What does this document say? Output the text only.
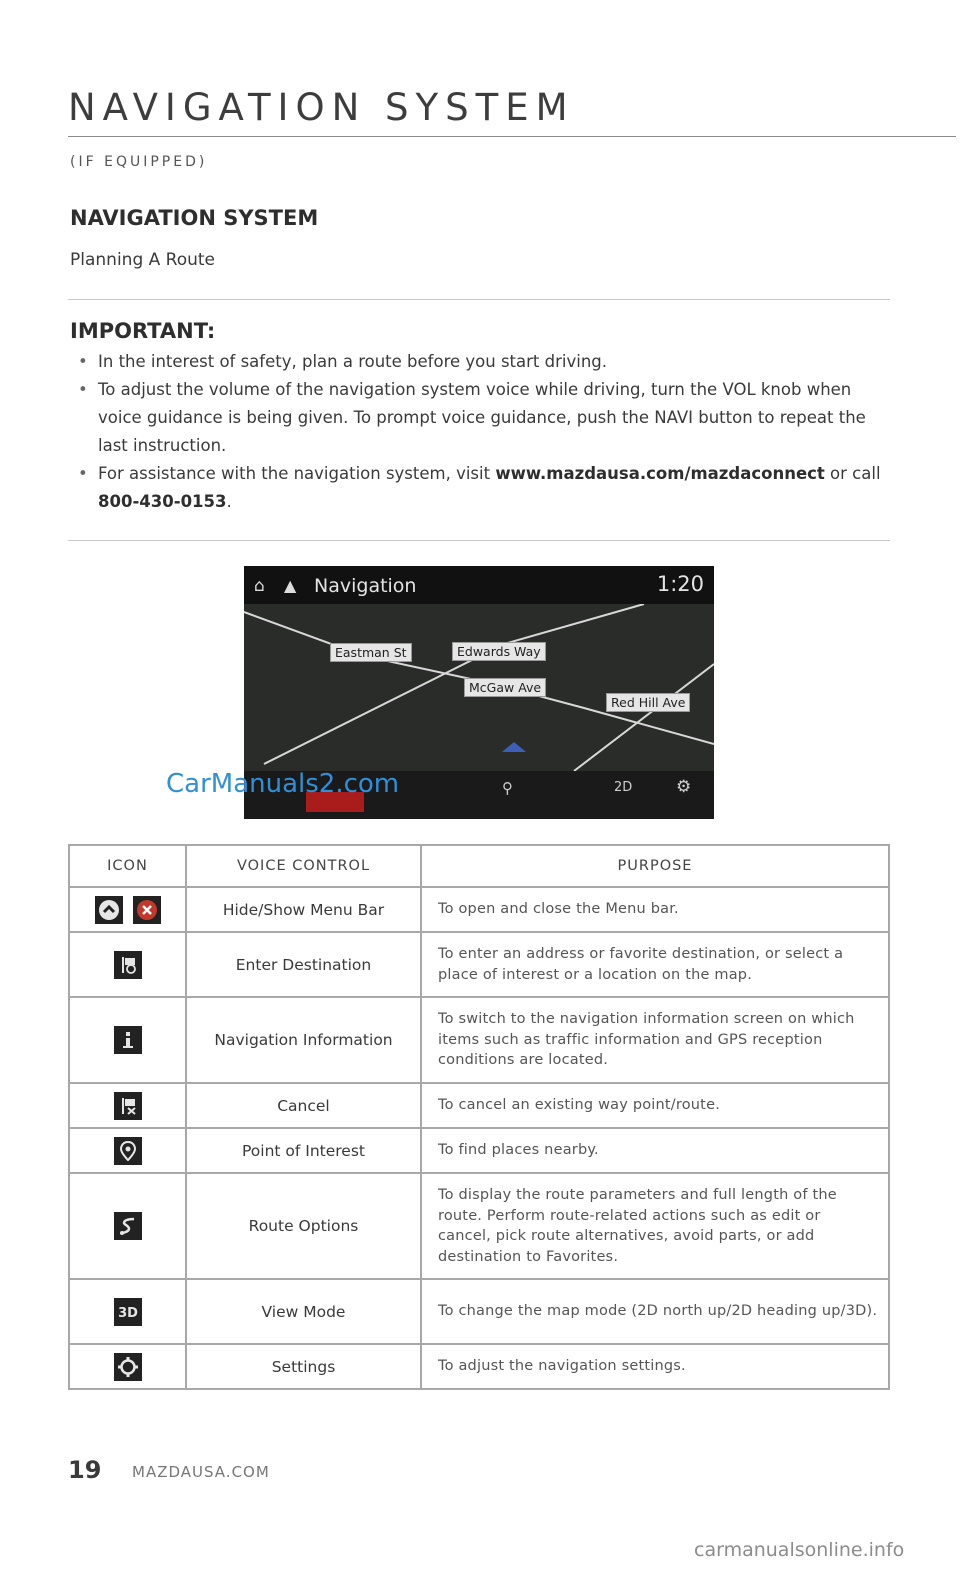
NAVIGATION SYSTEM
(IF EQUIPPED)
NAVIGATION SYSTEM
Planning A Route
IMPORTANT:
• In the interest of safety, plan a route before you start driving.
• To adjust the volume of the navigation system voice while driving, turn the VOL knob when voice guidance is being given. To prompt voice guidance, push the NAVI button to repeat the last instruction.
• For assistance with the navigation system, visit www.mazdausa.com/mazdaconnect or call 800-430-0153.
⌂ ▲ Navigation	1:20
Eastman St	Edwards Way
McGaw Ave
Red Hill Ave
⚲	2D	⚙
CarManuals2.com
ICON	VOICE CONTROL	PURPOSE

	Hide/Show Menu Bar	To open and close the Menu bar.

	Enter Destination	To enter an address or favorite destination, or select a place of interest or a location on the map.

	Navigation Information	To switch to the navigation information screen on which items such as traffic information and GPS reception conditions are located.

	Cancel	To cancel an existing way point/route.

	Point of Interest	To find places nearby.

	Route Options	To display the route parameters and full length of the route. Perform route-related actions such as edit or cancel, pick route alternatives, avoid parts, or add destination to Favorites.

3D	View Mode	To change the map mode (2D north up/2D heading up/3D).

	Settings	To adjust the navigation settings.
19 MAZDAUSA.COM
carmanualsonline.info
